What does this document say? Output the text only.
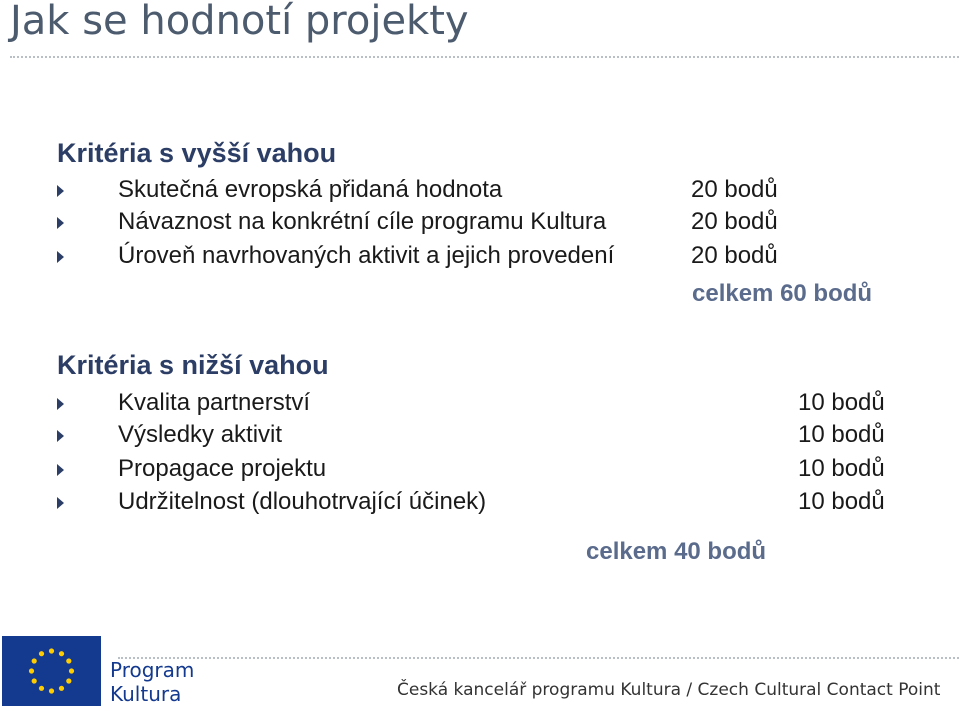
Jak se hodnotí projekty
Kritéria s vyšší vahou
Skutečná evropská přidaná hodnota	20 bodů
Návaznost na konkrétní cíle programu Kultura	20 bodů
Úroveň navrhovaných aktivit a jejich provedení	20 bodů
celkem 60 bodů
Kritéria s nižší vahou
Kvalita partnerství	10 bodů
Výsledky aktivit	10 bodů
Propagace projektu	10 bodů
Udržitelnost (dlouhotrvající účinek)	10 bodů
celkem 40 bodů
Program
Kultura	Česká kancelář programu Kultura / Czech Cultural Contact Point
